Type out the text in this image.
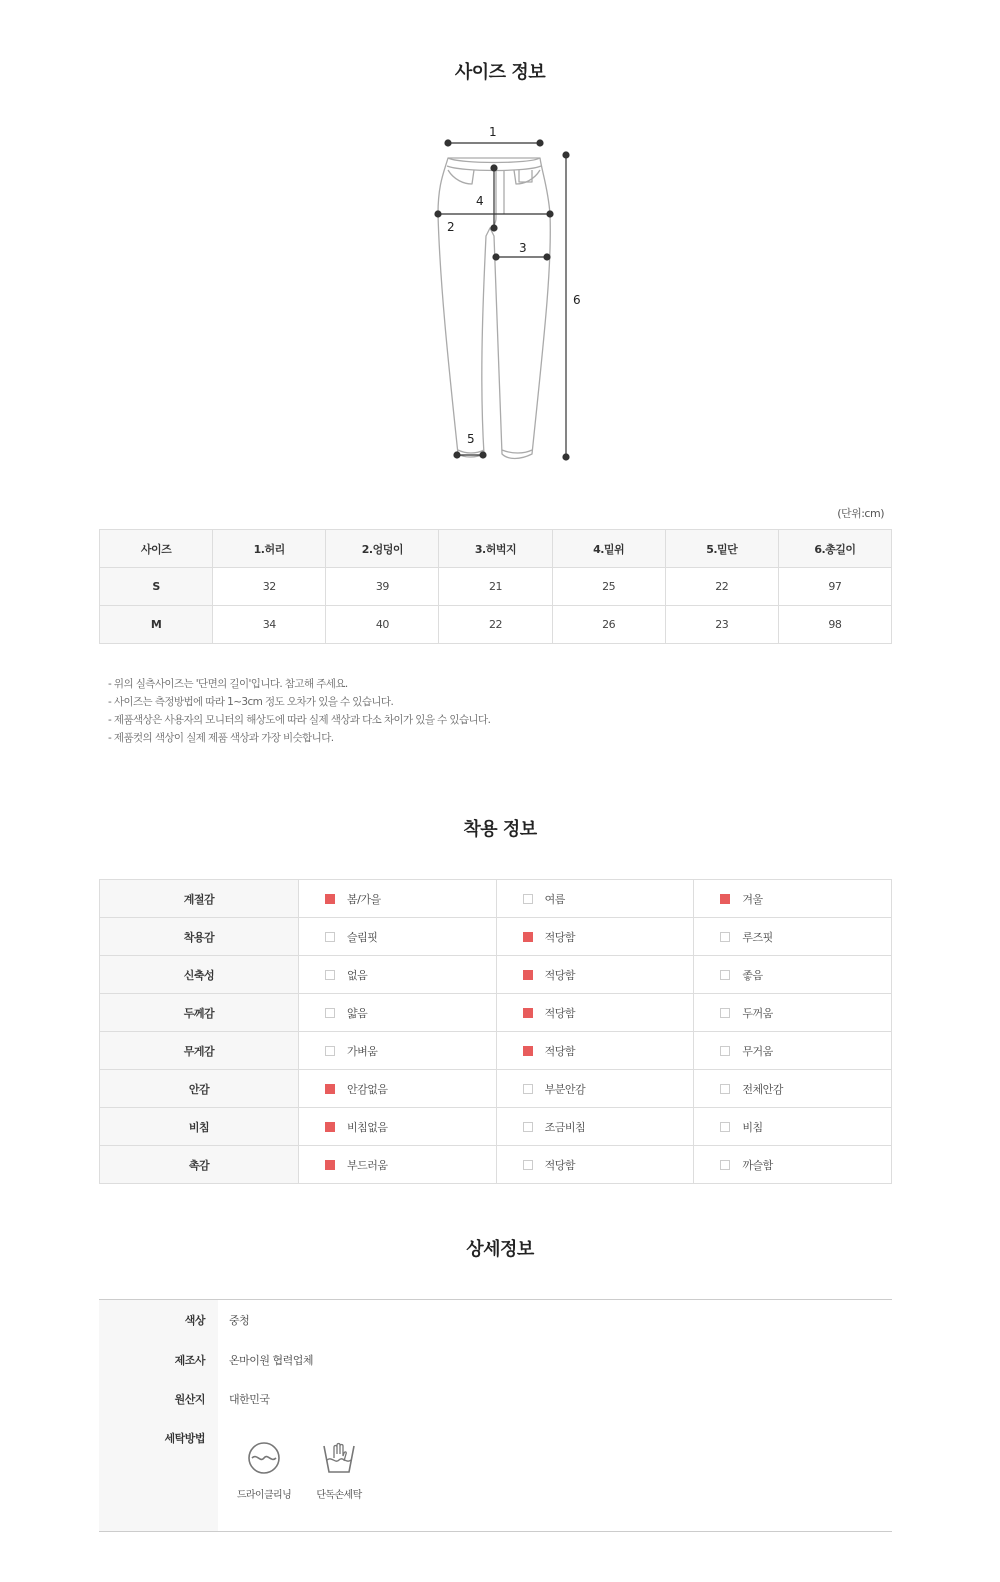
사이즈 정보
1
2
3
4
5
6
(단위:cm)
사이즈	1.허리	2.엉덩이	3.허벅지	4.밑위	5.밑단	6.총길이
S	32	39	21	25	22	97
M	34	40	22	26	23	98
- 위의 실측사이즈는 '단면의 길이'입니다. 참고해 주세요.
- 사이즈는 측정방법에 따라 1~3cm 정도 오차가 있을 수 있습니다.
- 제품색상은 사용자의 모니터의 해상도에 따라 실제 색상과 다소 차이가 있을 수 있습니다.
- 제품컷의 색상이 실제 제품 색상과 가장 비슷합니다.
착용 정보
계절감	봄/가을	여름	겨울
착용감	슬림핏	적당함	루즈핏
신축성	없음	적당함	좋음
두께감	얇음	적당함	두꺼움
무게감	가벼움	적당함	무거움
안감	안감없음	부분안감	전체안감
비침	비침없음	조금비침	비침
촉감	부드러움	적당함	까슬함
상세정보
색상 중청
제조사 온마이원 협력업체
원산지 대한민국
세탁방법
드라이클리닝	단독손세탁
